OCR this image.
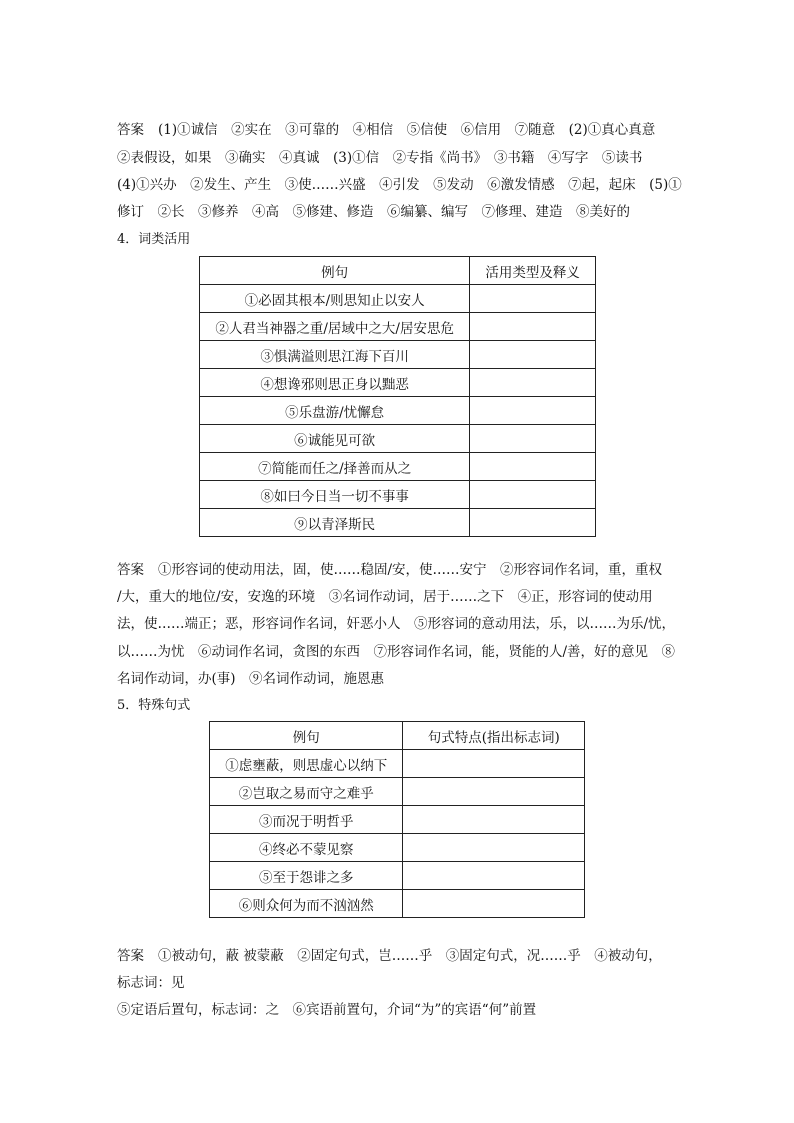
答案 (1)①诚信　②实在　③可靠的　④相信　⑤信使　⑥信用　⑦随意　(2)①真心真意
②表假设，如果　③确实　④真诚　(3)①信　②专指《尚书》　③书籍　④写字　⑤读书
(4)①兴办　②发生、产生　③使……兴盛　④引发　⑤发动　⑥激发情感　⑦起，起床　(5)①
修订　②长　③修养　④高　⑤修建、修造　⑥编纂、编写　⑦修理、建造　⑧美好的
4．词类活用
例句	活用类型及释义
①必固其根本/则思知止以安人	
②人君当神器之重/居域中之大/居安思危	
③惧满溢则思江海下百川	
④想谗邪则思正身以黜恶	
⑤乐盘游/忧懈怠	
⑥诚能见可欲	
⑦简能而任之/择善而从之	
⑧如曰今日当一切不事事	
⑨以青泽斯民	
答案 ①形容词的使动用法，固，使……稳固/安，使……安宁　②形容词作名词，重，重权
/大，重大的地位/安，安逸的环境　③名词作动词，居于……之下　④正，形容词的使动用
法，使……端正；恶，形容词作名词，奸恶小人　⑤形容词的意动用法，乐，以……为乐/忧，
以……为忧　⑥动词作名词，贪图的东西　⑦形容词作名词，能，贤能的人/善，好的意见　⑧
名词作动词，办(事)　⑨名词作动词，施恩惠
5．特殊句式
例句	句式特点(指出标志词)
①虑壅蔽，则思虚心以纳下	
②岂取之易而守之难乎	
③而况于明哲乎	
④终必不蒙见察	
⑤至于怨诽之多	
⑥则众何为而不汹汹然	
答案 ①被动句，蔽 被蒙蔽　②固定句式，岂……乎　③固定句式，况……乎　④被动句，
标志词：见
⑤定语后置句，标志词：之　⑥宾语前置句，介词“为”的宾语“何”前置
